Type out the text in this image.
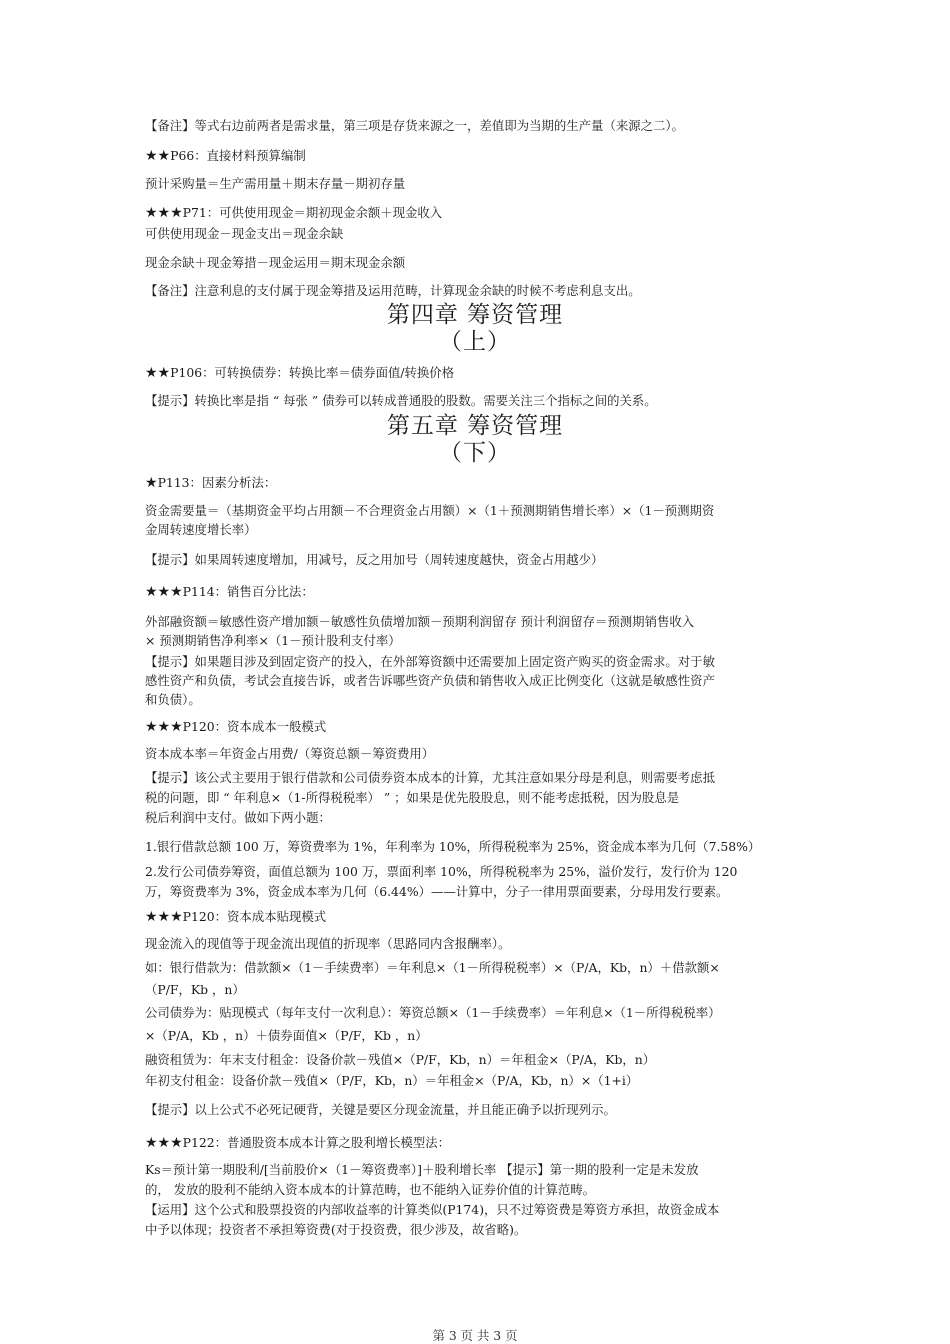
【备注】等式右边前两者是需求量，第三项是存货来源之一，差值即为当期的生产量（来源之二）。
★★P66：直接材料预算编制
预计采购量＝生产需用量＋期末存量－期初存量
★★★P71：可供使用现金＝期初现金余额＋现金收入
可供使用现金－现金支出＝现金余缺
现金余缺＋现金筹措－现金运用＝期末现金余额
【备注】注意利息的支付属于现金筹措及运用范畴，计算现金余缺的时候不考虑利息支出。
第四章 筹资管理
（上）
★★P106：可转换债券：转换比率＝债券面值/转换价格
【提示】转换比率是指 “ 每张 ” 债券可以转成普通股的股数。需要关注三个指标之间的关系。
第五章 筹资管理
（下）
★P113：因素分析法：
资金需要量＝（基期资金平均占用额－不合理资金占用额）×（1＋预测期销售增长率）×（1－预测期资
金周转速度增长率）
【提示】如果周转速度增加，用减号，反之用加号（周转速度越快，资金占用越少）
★★★P114：销售百分比法：
外部融资额＝敏感性资产增加额－敏感性负债增加额－预期利润留存 预计利润留存＝预测期销售收入
× 预测期销售净利率×（1－预计股利支付率）
【提示】如果题目涉及到固定资产的投入，在外部筹资额中还需要加上固定资产购买的资金需求。对于敏
感性资产和负债，考试会直接告诉，或者告诉哪些资产负债和销售收入成正比例变化（这就是敏感性资产
和负债）。
★★★P120：资本成本一般模式
资本成本率＝年资金占用费/（筹资总额－筹资费用）
【提示】该公式主要用于银行借款和公司债券资本成本的计算，尤其注意如果分母是利息，则需要考虑抵
税的问题，即 “ 年利息×（1-所得税税率） ” ；如果是优先股股息，则不能考虑抵税，因为股息是
税后利润中支付。做如下两小题：
1.银行借款总额 100 万，筹资费率为 1%，年利率为 10%，所得税税率为 25%，资金成本率为几何（7.58%）
2.发行公司债券筹资，面值总额为 100 万，票面利率 10%，所得税税率为 25%，溢价发行，发行价为 120
万，筹资费率为 3%，资金成本率为几何（6.44%）——计算中，分子一律用票面要素，分母用发行要素。
★★★P120：资本成本贴现模式
现金流入的现值等于现金流出现值的折现率（思路同内含报酬率）。
如：银行借款为：借款额×（1－手续费率）＝年利息×（1－所得税税率）×（P/A，Kb，n）＋借款额×
（P/F，Kb ，n）
公司债券为：贴现模式（每年支付一次利息）：筹资总额×（1－手续费率）＝年利息×（1－所得税税率）
×（P/A，Kb ，n）＋债券面值×（P/F，Kb ，n）
融资租赁为：年末支付租金：设备价款－残值×（P/F，Kb，n）＝年租金×（P/A，Kb，n）
年初支付租金：设备价款－残值×（P/F，Kb，n）＝年租金×（P/A，Kb，n）×（1+i）
【提示】以上公式不必死记硬背，关键是要区分现金流量，并且能正确予以折现列示。
★★★P122：普通股资本成本计算之股利增长模型法：
Ks＝预计第一期股利/[当前股价×（1－筹资费率）]＋股利增长率 【提示】第一期的股利一定是未发放
的， 发放的股利不能纳入资本成本的计算范畴，也不能纳入证券价值的计算范畴。
【运用】这个公式和股票投资的内部收益率的计算类似(P174)，只不过筹资费是筹资方承担，故资金成本
中予以体现；投资者不承担筹资费(对于投资费，很少涉及，故省略)。
第 3 页 共 3 页
